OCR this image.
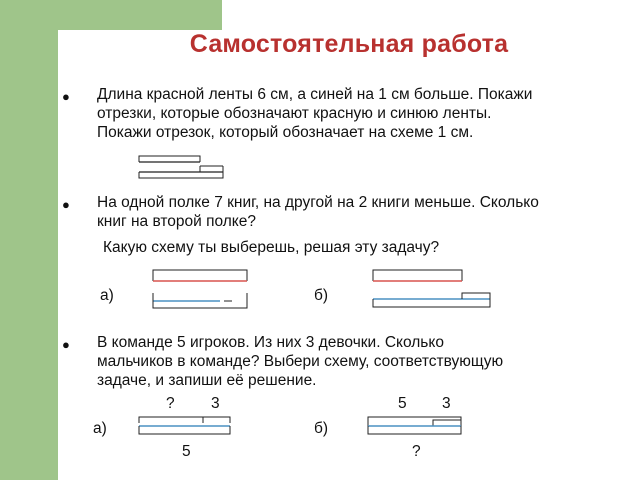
Самостоятельная работа
● Длина красной ленты 6 см, а синей на 1 см больше. Покажи
отрезки, которые обозначают красную и синюю ленты.
Покажи отрезок, который обозначает на схеме 1 см.
● На одной полке 7 книг, на другой на 2 книги меньше. Сколько
книг на второй полке?
Какую схему ты выберешь, решая эту задачу?
а)	б)
● В команде 5 игроков. Из них 3 девочки. Сколько
мальчиков в команде? Выбери схему, соответствующую
задаче, и запиши её решение.
? 3
а)
5
5 3
б)
?
